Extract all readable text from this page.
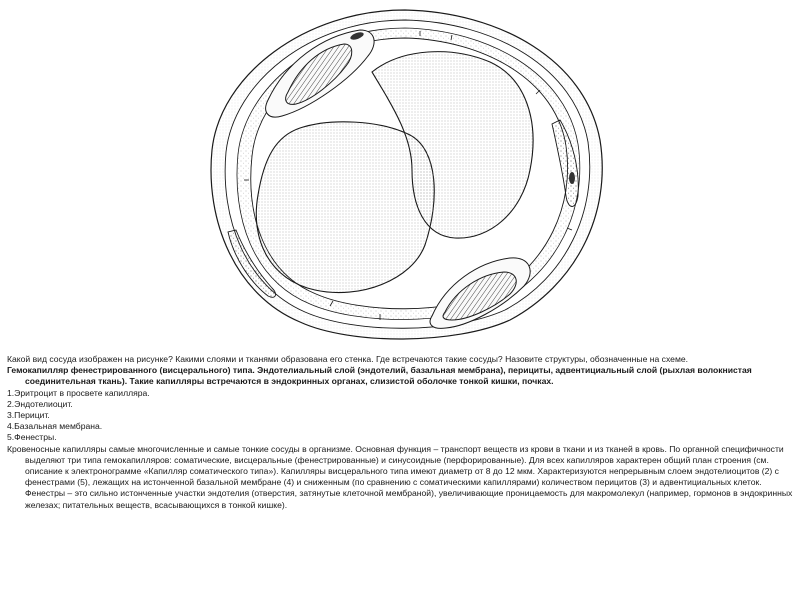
Какой вид сосуда изображен на рисунке? Какими слоями и тканями образована его стенка. Где встречаются такие сосуды? Назовите структуры, обозначенные на схеме.

Гемокапилляр фенестрированного (висцерального) типа. Эндотелиальный слой (эндотелий, базальная мембрана), перициты, адвентициальный слой (рыхлая волокнистая соединительная ткань). Такие капилляры встречаются в эндокринных органах, слизистой оболочке тонкой кишки, почках.

1.Эритроцит в просвете капилляра.

2.Эндотелиоцит.

3.Перицит.

4.Базальная мембрана.

5.Фенестры.

Кровеносные капилляры самые многочисленные и самые тонкие сосуды в организме. Основная функция – транспорт веществ из крови в ткани и из тканей в кровь. По органной специфичности выделяют три типа гемокапилляров: соматические, висцеральные (фенестрированные) и синусоидные (перфорированные). Для всех капилляров характерен общий план строения (см. описание к электронограмме «Капилляр соматического типа»). Капилляры висцерального типа имеют диаметр от 8 до 12 мкм. Характеризуются непрерывным слоем эндотелиоцитов (2) с фенестрами (5), лежащих на истонченной базальной мембране (4) и сниженным (по сравнению с соматическими капиллярами) количеством перицитов (3) и адвентициальных клеток. Фенестры – это сильно истонченные участки эндотелия (отверстия, затянутые клеточной мембраной), увеличивающие проницаемость для макромолекул (например, гормонов в эндокринных железах; питательных веществ, всасывающихся в тонкой кишке).
